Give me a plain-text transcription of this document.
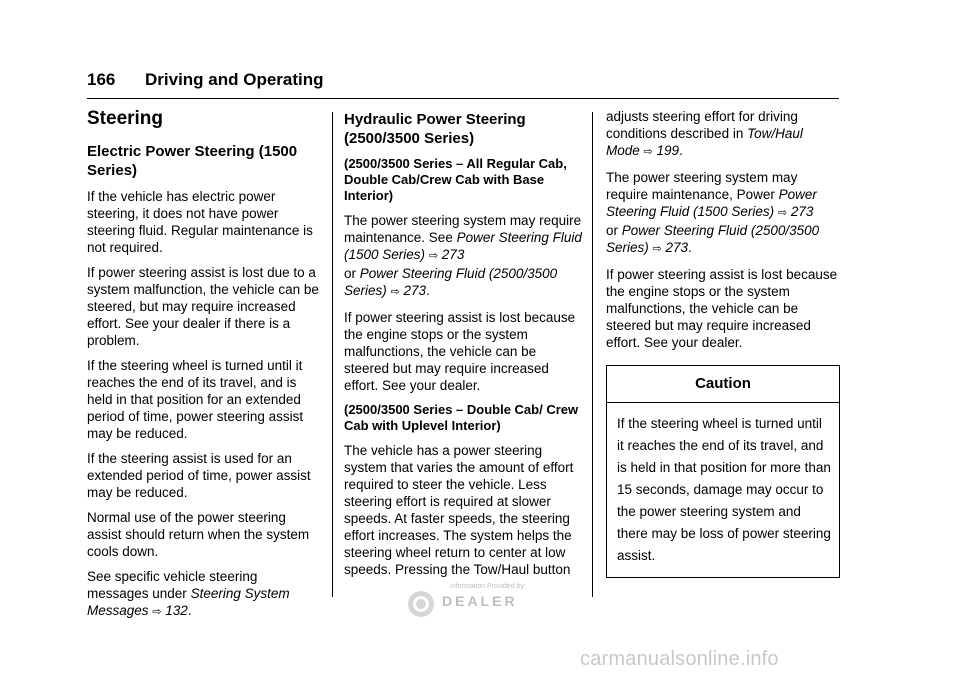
166 Driving and Operating
Steering
Electric Power Steering (1500 Series)

If the vehicle has electric power steering, it does not have power steering fluid. Regular maintenance is not required.

If power steering assist is lost due to a system malfunction, the vehicle can be steered, but may require increased effort. See your dealer if there is a problem.

If the steering wheel is turned until it reaches the end of its travel, and is held in that position for an extended period of time, power steering assist may be reduced.

If the steering assist is used for an extended period of time, power assist may be reduced.

Normal use of the power steering assist should return when the system cools down.

See specific vehicle steering messages under Steering System Messages ⇨ 132.

Hydraulic Power Steering (2500/3500 Series)
(2500/3500 Series – All Regular Cab, Double Cab/Crew Cab with Base Interior)

The power steering system may require maintenance. See Power Steering Fluid (1500 Series) ⇨ 273
or Power Steering Fluid (2500/3500 Series) ⇨ 273.

If power steering assist is lost because the engine stops or the system malfunctions, the vehicle can be steered but may require increased effort. See your dealer.

(2500/3500 Series – Double Cab/ Crew Cab with Uplevel Interior)

The vehicle has a power steering system that varies the amount of effort required to steer the vehicle. Less steering effort is required at slower speeds. At faster speeds, the steering effort increases. The system helps the steering wheel return to center at low speeds. Pressing the Tow/Haul button

adjusts steering effort for driving conditions described in Tow/Haul Mode ⇨ 199.

The power steering system may require maintenance, Power Power Steering Fluid (1500 Series) ⇨ 273
or Power Steering Fluid (2500/3500 Series) ⇨ 273.

If power steering assist is lost because the engine stops or the system malfunctions, the vehicle can be steered but may require increased effort. See your dealer.

Caution

If the steering wheel is turned until it reaches the end of its travel, and is held in that position for more than 15 seconds, damage may occur to the power steering system and there may be loss of power steering assist.

Information Provided by:
DEALER
carmanualsonline.info
